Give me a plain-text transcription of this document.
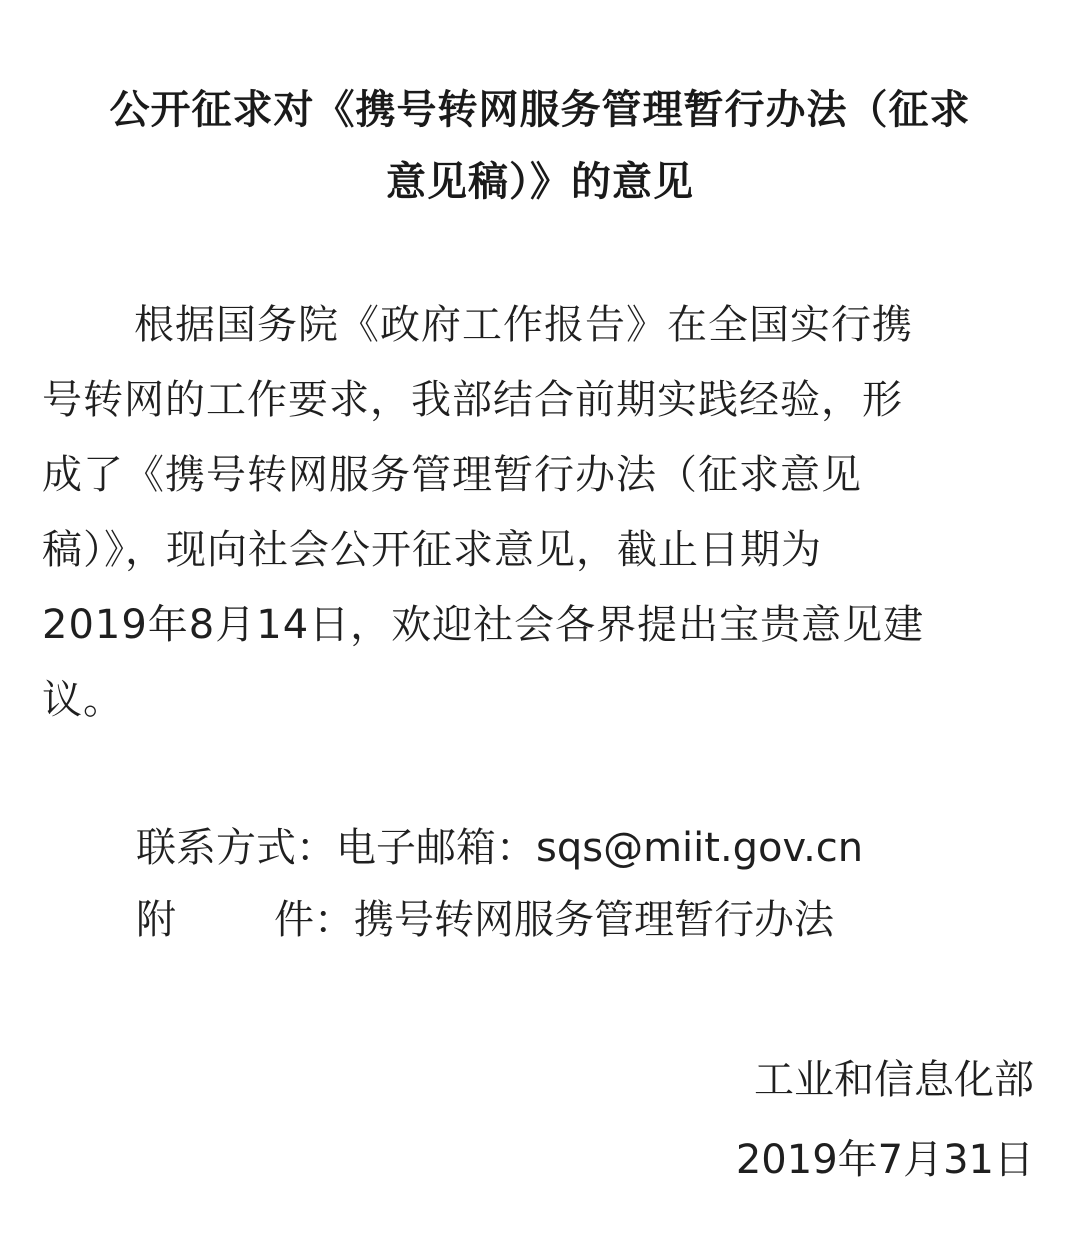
公开征求对《携号转网服务管理暂行办法（征求
意见稿）》的意见
根据国务院《政府工作报告》在全国实行携
号转网的工作要求，我部结合前期实践经验，形
成了《携号转网服务管理暂行办法（征求意见
稿）》，现向社会公开征求意见，截止日期为
2019年8月14日，欢迎社会各界提出宝贵意见建
议。
联系方式：电子邮箱：sqs@miit.gov.cn
附 件：携号转网服务管理暂行办法
工业和信息化部
2019年7月31日
